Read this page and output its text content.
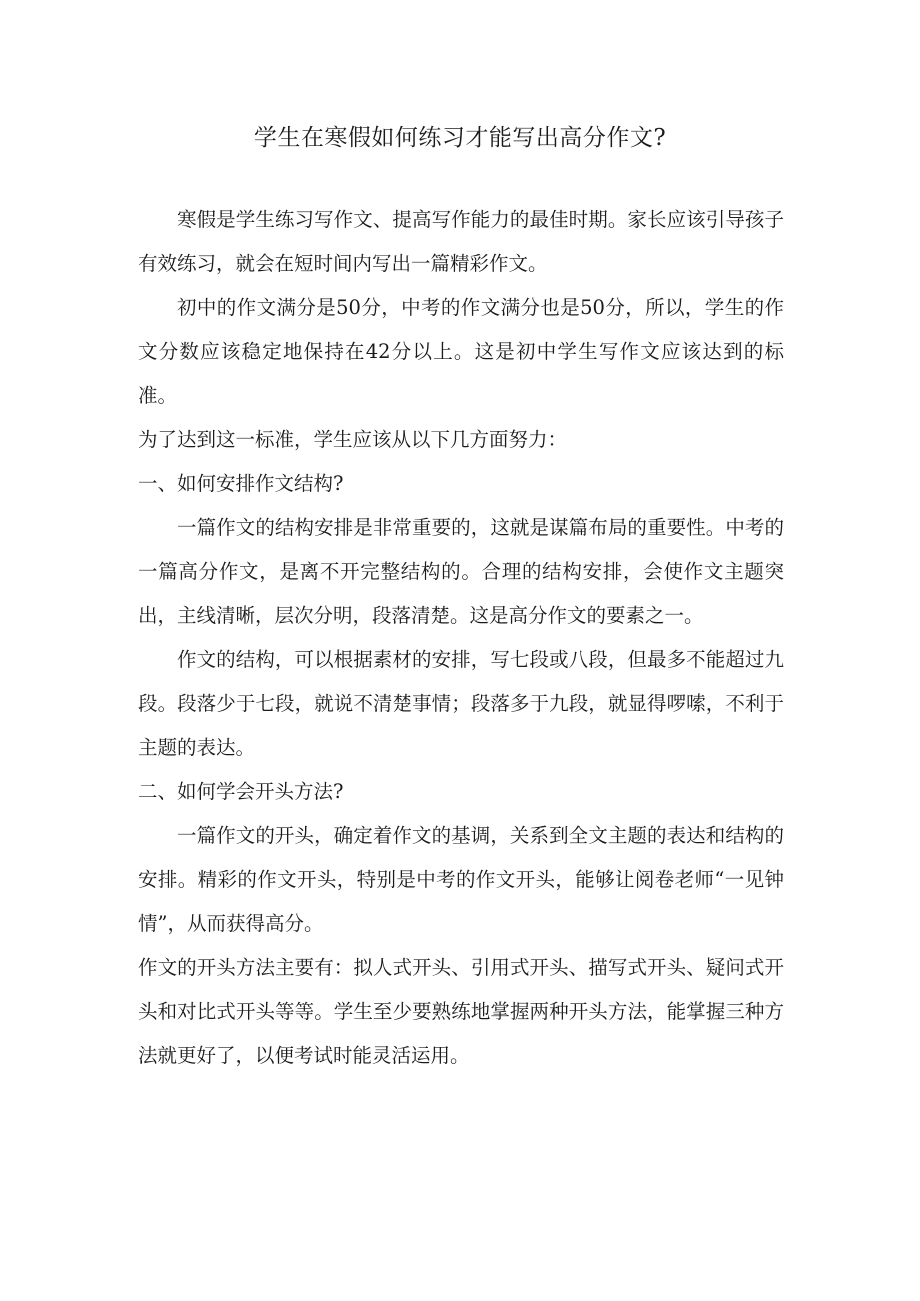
学生在寒假如何练习才能写出高分作文?

寒假是学生练习写作文、提高写作能力的最佳时期。家长应该引导孩子有效练习，就会在短时间内写出一篇精彩作文。

初中的作文满分是50分，中考的作文满分也是50分，所以，学生的作文分数应该稳定地保持在42分以上。这是初中学生写作文应该达到的标准。

为了达到这一标准，学生应该从以下几方面努力：

一、如何安排作文结构?

一篇作文的结构安排是非常重要的，这就是谋篇布局的重要性。中考的一篇高分作文，是离不开完整结构的。合理的结构安排，会使作文主题突出，主线清晰，层次分明，段落清楚。这是高分作文的要素之一。

作文的结构，可以根据素材的安排，写七段或八段，但最多不能超过九段。段落少于七段，就说不清楚事情；段落多于九段，就显得啰嗦，不利于主题的表达。

二、如何学会开头方法?

一篇作文的开头，确定着作文的基调，关系到全文主题的表达和结构的安排。精彩的作文开头，特别是中考的作文开头，能够让阅卷老师“一见钟情”，从而获得高分。

作文的开头方法主要有：拟人式开头、引用式开头、描写式开头、疑问式开头和对比式开头等等。学生至少要熟练地掌握两种开头方法，能掌握三种方法就更好了，以便考试时能灵活运用。
